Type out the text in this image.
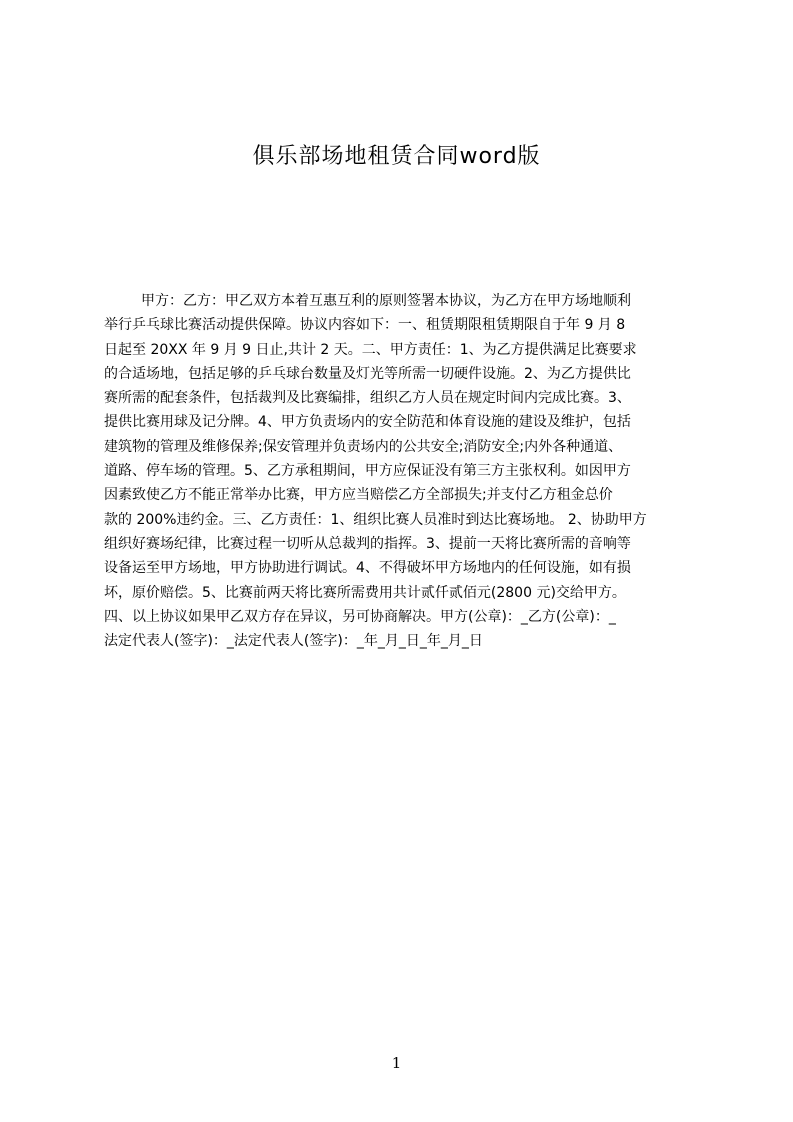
俱乐部场地租赁合同word版
甲方：乙方：甲乙双方本着互惠互利的原则签署本协议，为乙方在甲方场地顺利
举行乒乓球比赛活动提供保障。协议内容如下：一、租赁期限租赁期限自于年 9 月 8
日起至 20XX 年 9 月 9 日止,共计 2 天。二、甲方责任：1、为乙方提供满足比赛要求
的合适场地，包括足够的乒乓球台数量及灯光等所需一切硬件设施。2、为乙方提供比
赛所需的配套条件，包括裁判及比赛编排，组织乙方人员在规定时间内完成比赛。3、
提供比赛用球及记分牌。4、甲方负责场内的安全防范和体育设施的建设及维护，包括
建筑物的管理及维修保养;保安管理并负责场内的公共安全;消防安全;内外各种通道、
道路、停车场的管理。5、乙方承租期间，甲方应保证没有第三方主张权利。如因甲方
因素致使乙方不能正常举办比赛，甲方应当赔偿乙方全部损失;并支付乙方租金总价
款的 200%违约金。三、乙方责任：1、组织比赛人员准时到达比赛场地。 2、协助甲方
组织好赛场纪律，比赛过程一切听从总裁判的指挥。3、提前一天将比赛所需的音响等
设备运至甲方场地，甲方协助进行调试。4、不得破坏甲方场地内的任何设施，如有损
坏，原价赔偿。5、比赛前两天将比赛所需费用共计贰仟贰佰元(2800 元)交给甲方。
四、以上协议如果甲乙双方存在异议，另可协商解决。甲方(公章)：_乙方(公章)：_
法定代表人(签字)：_法定代表人(签字)：_年_月_日_年_月_日
1
